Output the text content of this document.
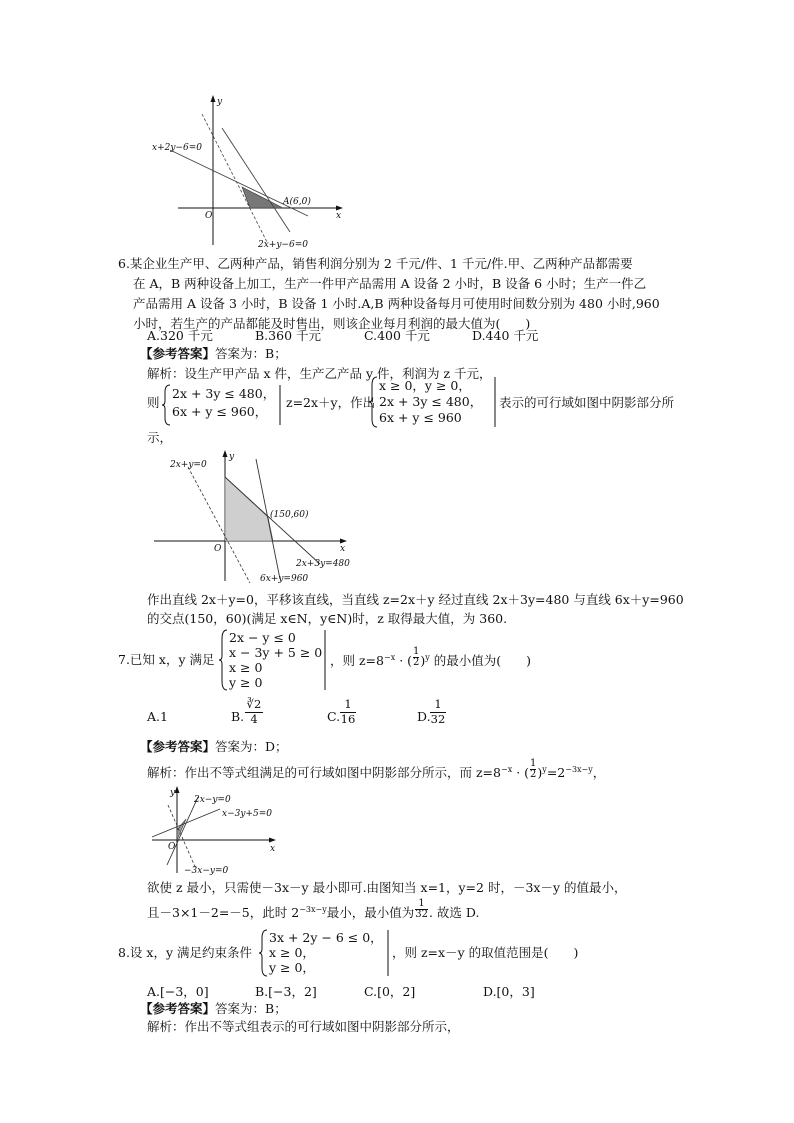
y
x
O
x+2y−6=0
A(6,0)
2x+y−6=0
6.某企业生产甲、乙两种产品，销售利润分别为 2 千元/件、1 千元/件.甲、乙两种产品都需要
在 A，B 两种设备上加工，生产一件甲产品需用 A 设备 2 小时，B 设备 6 小时；生产一件乙
产品需用 A 设备 3 小时，B 设备 1 小时.A,B 两种设备每月可使用时间数分别为 480 小时,960
小时，若生产的产品都能及时售出，则该企业每月利润的最大值为(　　)
A.320 千元	B.360 千元	C.400 千元	D.440 千元
【参考答案】答案为：B；
解析：设生产甲产品 x 件，生产乙产品 y 件，利润为 z 千元，
则
2x + 3y ≤ 480，
6x + y ≤ 960，
z=2x＋y，作出
x ≥ 0，y ≥ 0，
2x + 3y ≤ 480，
6x + y ≤ 960
表示的可行域如图中阴影部分所
示，
y
x
O
2x+y=0
(150,60)
2x+3y=480
6x+y=960
作出直线 2x＋y=0，平移该直线，当直线 z=2x＋y 经过直线 2x＋3y=480 与直线 6x＋y=960
的交点(150，60)(满足 x∈N，y∈N)时，z 取得最大值，为 360.
7.已知 x，y 满足
2x − y ≤ 0
x − 3y + 5 ≥ 0
x ≥ 0
y ≥ 0
，则 $z=8^{-x}$ · ( $\frac{1}{2} )^y$ 的最小值为(　　)
A.1	B.
∛2
4	C.
1
16	D.
1
32
【参考答案】答案为：D；
解析：作出不等式组满足的可行域如图中阴影部分所示，而 $z=8^{-x}$ · ( $\frac{1}{2} )^y=2^{-3x-y}$，
y
x
O
2x−y=0
x−3y+5=0
−3x−y=0
欲使 z 最小，只需使－3x－y 最小即可.由图知当 x=1，y=2 时，－3x－y 的值最小，
且－3×1－2=－5，此时 $2^{-3x-y}$最小，最小值为 $\frac{1}{32}$ . 故选 D.
8.设 x，y 满足约束条件
3x + 2y − 6 ≤ 0，
x ≥ 0，
y ≥ 0，
，则 z=x－y 的取值范围是(　　)
A.[−3，0]	B.[−3，2]	C.[0，2]	D.[0，3]
【参考答案】答案为：B；
解析：作出不等式组表示的可行域如图中阴影部分所示，
